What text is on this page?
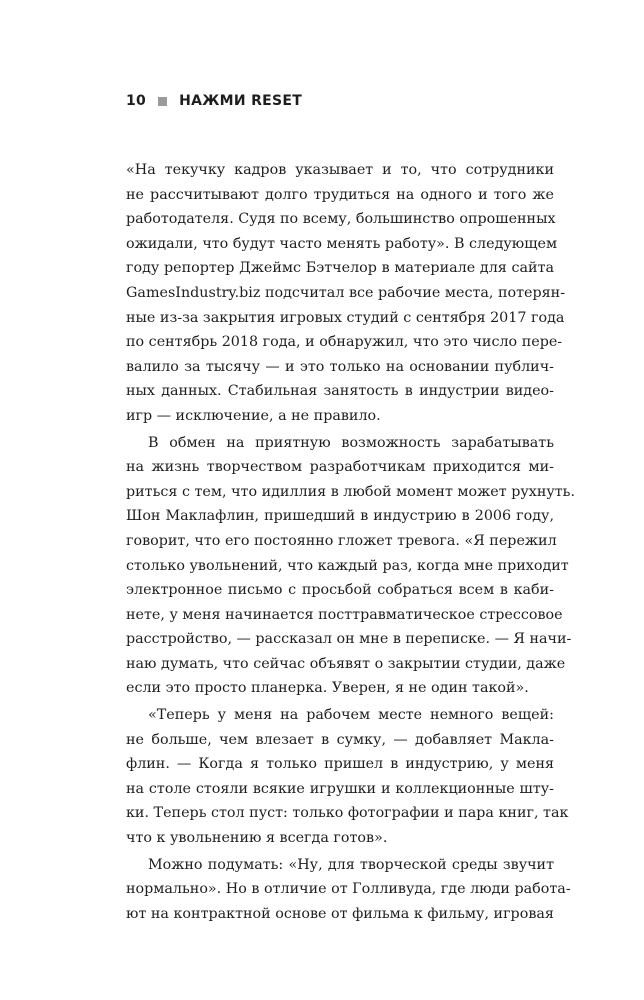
10 НАЖМИ RESET
«На текучку кадров указывает и то, что сотрудники
не рассчитывают долго трудиться на одного и того же
работодателя. Судя по всему, большинство опрошенных
ожидали, что будут часто менять работу». В следующем
году репортер Джеймс Бэтчелор в материале для сайта
GamesIndustry.biz подсчитал все рабочие места, потерян-
ные из-за закрытия игровых студий с сентября 2017 года
по сентябрь 2018 года, и обнаружил, что это число пере-
валило за тысячу — и это только на основании публич-
ных данных. Стабильная занятость в индустрии видео-
игр — исключение, а не правило.
В обмен на приятную возможность зарабатывать
на жизнь творчеством разработчикам приходится ми-
риться с тем, что идиллия в любой момент может рухнуть.
Шон Маклафлин, пришедший в индустрию в 2006 году,
говорит, что его постоянно гложет тревога. «Я пережил
столько увольнений, что каждый раз, когда мне приходит
электронное письмо с просьбой собраться всем в каби-
нете, у меня начинается посттравматическое стрессовое
расстройство, — рассказал он мне в переписке. — Я начи-
наю думать, что сейчас объявят о закрытии студии, даже
если это просто планерка. Уверен, я не один такой».
«Теперь у меня на рабочем месте немного вещей:
не больше, чем влезает в сумку, — добавляет Макла-
флин. — Когда я только пришел в индустрию, у меня
на столе стояли всякие игрушки и коллекционные шту-
ки. Теперь стол пуст: только фотографии и пара книг, так
что к увольнению я всегда готов».
Можно подумать: «Ну, для творческой среды звучит
нормально». Но в отличие от Голливуда, где люди работа-
ют на контрактной основе от фильма к фильму, игровая
